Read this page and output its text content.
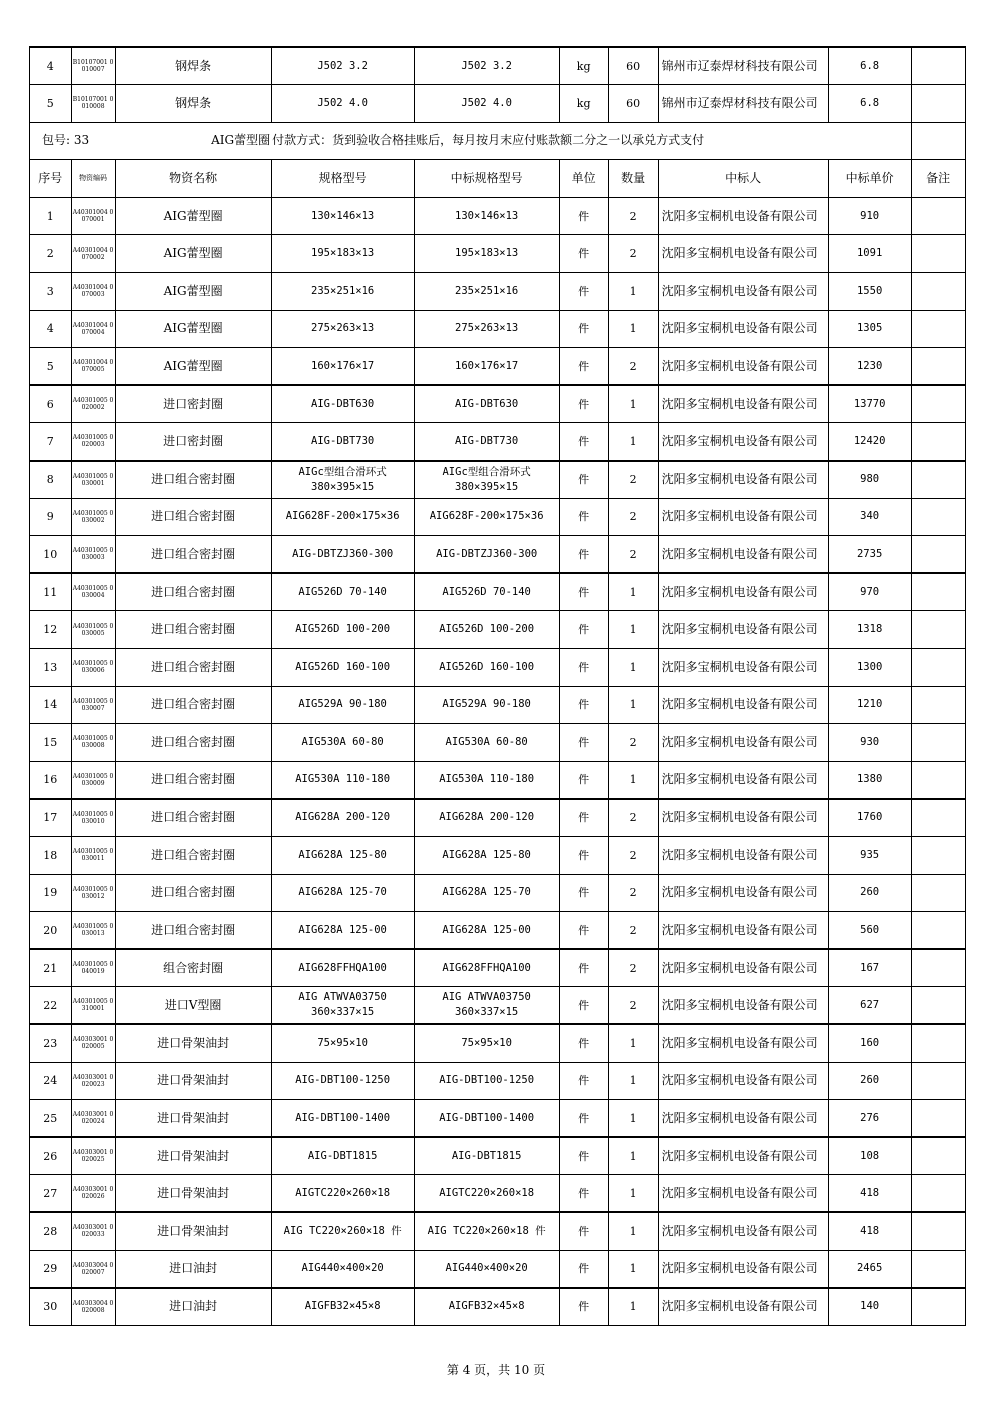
4	B10107001 0010007	钢焊条	J502 3.2	J502 3.2	kg	60	锦州市辽泰焊材科技有限公司	6.8	
5	B10107001 0010008	钢焊条	J502 4.0	J502 4.0	kg	60	锦州市辽泰焊材科技有限公司	6.8	
包号: 33 AIG蕾型圈			付款方式：货到验收合格挂账后，每月按月末应付账款额二分之一以承兑方式支付						
序号	物资编码	物资名称	规格型号	中标规格型号	单位	数量	中标人	中标单价	备注
1	A40301004 0070001	AIG蕾型圈	130×146×13	130×146×13	件	2	沈阳多宝桐机电设备有限公司	910	
2	A40301004 0070002	AIG蕾型圈	195×183×13	195×183×13	件	2	沈阳多宝桐机电设备有限公司	1091	
3	A40301004 0070003	AIG蕾型圈	235×251×16	235×251×16	件	1	沈阳多宝桐机电设备有限公司	1550	
4	A40301004 0070004	AIG蕾型圈	275×263×13	275×263×13	件	1	沈阳多宝桐机电设备有限公司	1305	
5	A40301004 0070005	AIG蕾型圈	160×176×17	160×176×17	件	2	沈阳多宝桐机电设备有限公司	1230	
6	A40301005 0020002	进口密封圈	AIG-DBT630	AIG-DBT630	件	1	沈阳多宝桐机电设备有限公司	13770	
7	A40301005 0020003	进口密封圈	AIG-DBT730	AIG-DBT730	件	1	沈阳多宝桐机电设备有限公司	12420	
8	A40301005 0030001	进口组合密封圈	AIGc型组合滑环式
380×395×15	AIGc型组合滑环式
380×395×15	件	2	沈阳多宝桐机电设备有限公司	980	
9	A40301005 0030002	进口组合密封圈	AIG628F-200×175×36	AIG628F-200×175×36	件	2	沈阳多宝桐机电设备有限公司	340	
10	A40301005 0030003	进口组合密封圈	AIG-DBTZJ360-300	AIG-DBTZJ360-300	件	2	沈阳多宝桐机电设备有限公司	2735	
11	A40301005 0030004	进口组合密封圈	AIG526D 70-140	AIG526D 70-140	件	1	沈阳多宝桐机电设备有限公司	970	
12	A40301005 0030005	进口组合密封圈	AIG526D 100-200	AIG526D 100-200	件	1	沈阳多宝桐机电设备有限公司	1318	
13	A40301005 0030006	进口组合密封圈	AIG526D 160-100	AIG526D 160-100	件	1	沈阳多宝桐机电设备有限公司	1300	
14	A40301005 0030007	进口组合密封圈	AIG529A 90-180	AIG529A 90-180	件	1	沈阳多宝桐机电设备有限公司	1210	
15	A40301005 0030008	进口组合密封圈	AIG530A 60-80	AIG530A 60-80	件	2	沈阳多宝桐机电设备有限公司	930	
16	A40301005 0030009	进口组合密封圈	AIG530A 110-180	AIG530A 110-180	件	1	沈阳多宝桐机电设备有限公司	1380	
17	A40301005 0030010	进口组合密封圈	AIG628A 200-120	AIG628A 200-120	件	2	沈阳多宝桐机电设备有限公司	1760	
18	A40301005 0030011	进口组合密封圈	AIG628A 125-80	AIG628A 125-80	件	2	沈阳多宝桐机电设备有限公司	935	
19	A40301005 0030012	进口组合密封圈	AIG628A 125-70	AIG628A 125-70	件	2	沈阳多宝桐机电设备有限公司	260	
20	A40301005 0030013	进口组合密封圈	AIG628A 125-00	AIG628A 125-00	件	2	沈阳多宝桐机电设备有限公司	560	
21	A40301005 0040019	组合密封圈	AIG628FFHQA100	AIG628FFHQA100	件	2	沈阳多宝桐机电设备有限公司	167	
22	A40301005 0310001	进口V型圈	AIG ATWVA03750
360×337×15	AIG ATWVA03750
360×337×15	件	2	沈阳多宝桐机电设备有限公司	627	
23	A40303001 0020005	进口骨架油封	75×95×10	75×95×10	件	1	沈阳多宝桐机电设备有限公司	160	
24	A40303001 0020023	进口骨架油封	AIG-DBT100-1250	AIG-DBT100-1250	件	1	沈阳多宝桐机电设备有限公司	260	
25	A40303001 0020024	进口骨架油封	AIG-DBT100-1400	AIG-DBT100-1400	件	1	沈阳多宝桐机电设备有限公司	276	
26	A40303001 0020025	进口骨架油封	AIG-DBT1815	AIG-DBT1815	件	1	沈阳多宝桐机电设备有限公司	108	
27	A40303001 0020026	进口骨架油封	AIGTC220×260×18	AIGTC220×260×18	件	1	沈阳多宝桐机电设备有限公司	418	
28	A40303001 0020033	进口骨架油封	AIG TC220×260×18 件	AIG TC220×260×18 件	件	1	沈阳多宝桐机电设备有限公司	418	
29	A40303004 0020007	进口油封	AIG440×400×20	AIG440×400×20	件	1	沈阳多宝桐机电设备有限公司	2465	
30	A40303004 0020008	进口油封	AIGFB32×45×8	AIGFB32×45×8	件	1	沈阳多宝桐机电设备有限公司	140	
第 4 页，共 10 页
